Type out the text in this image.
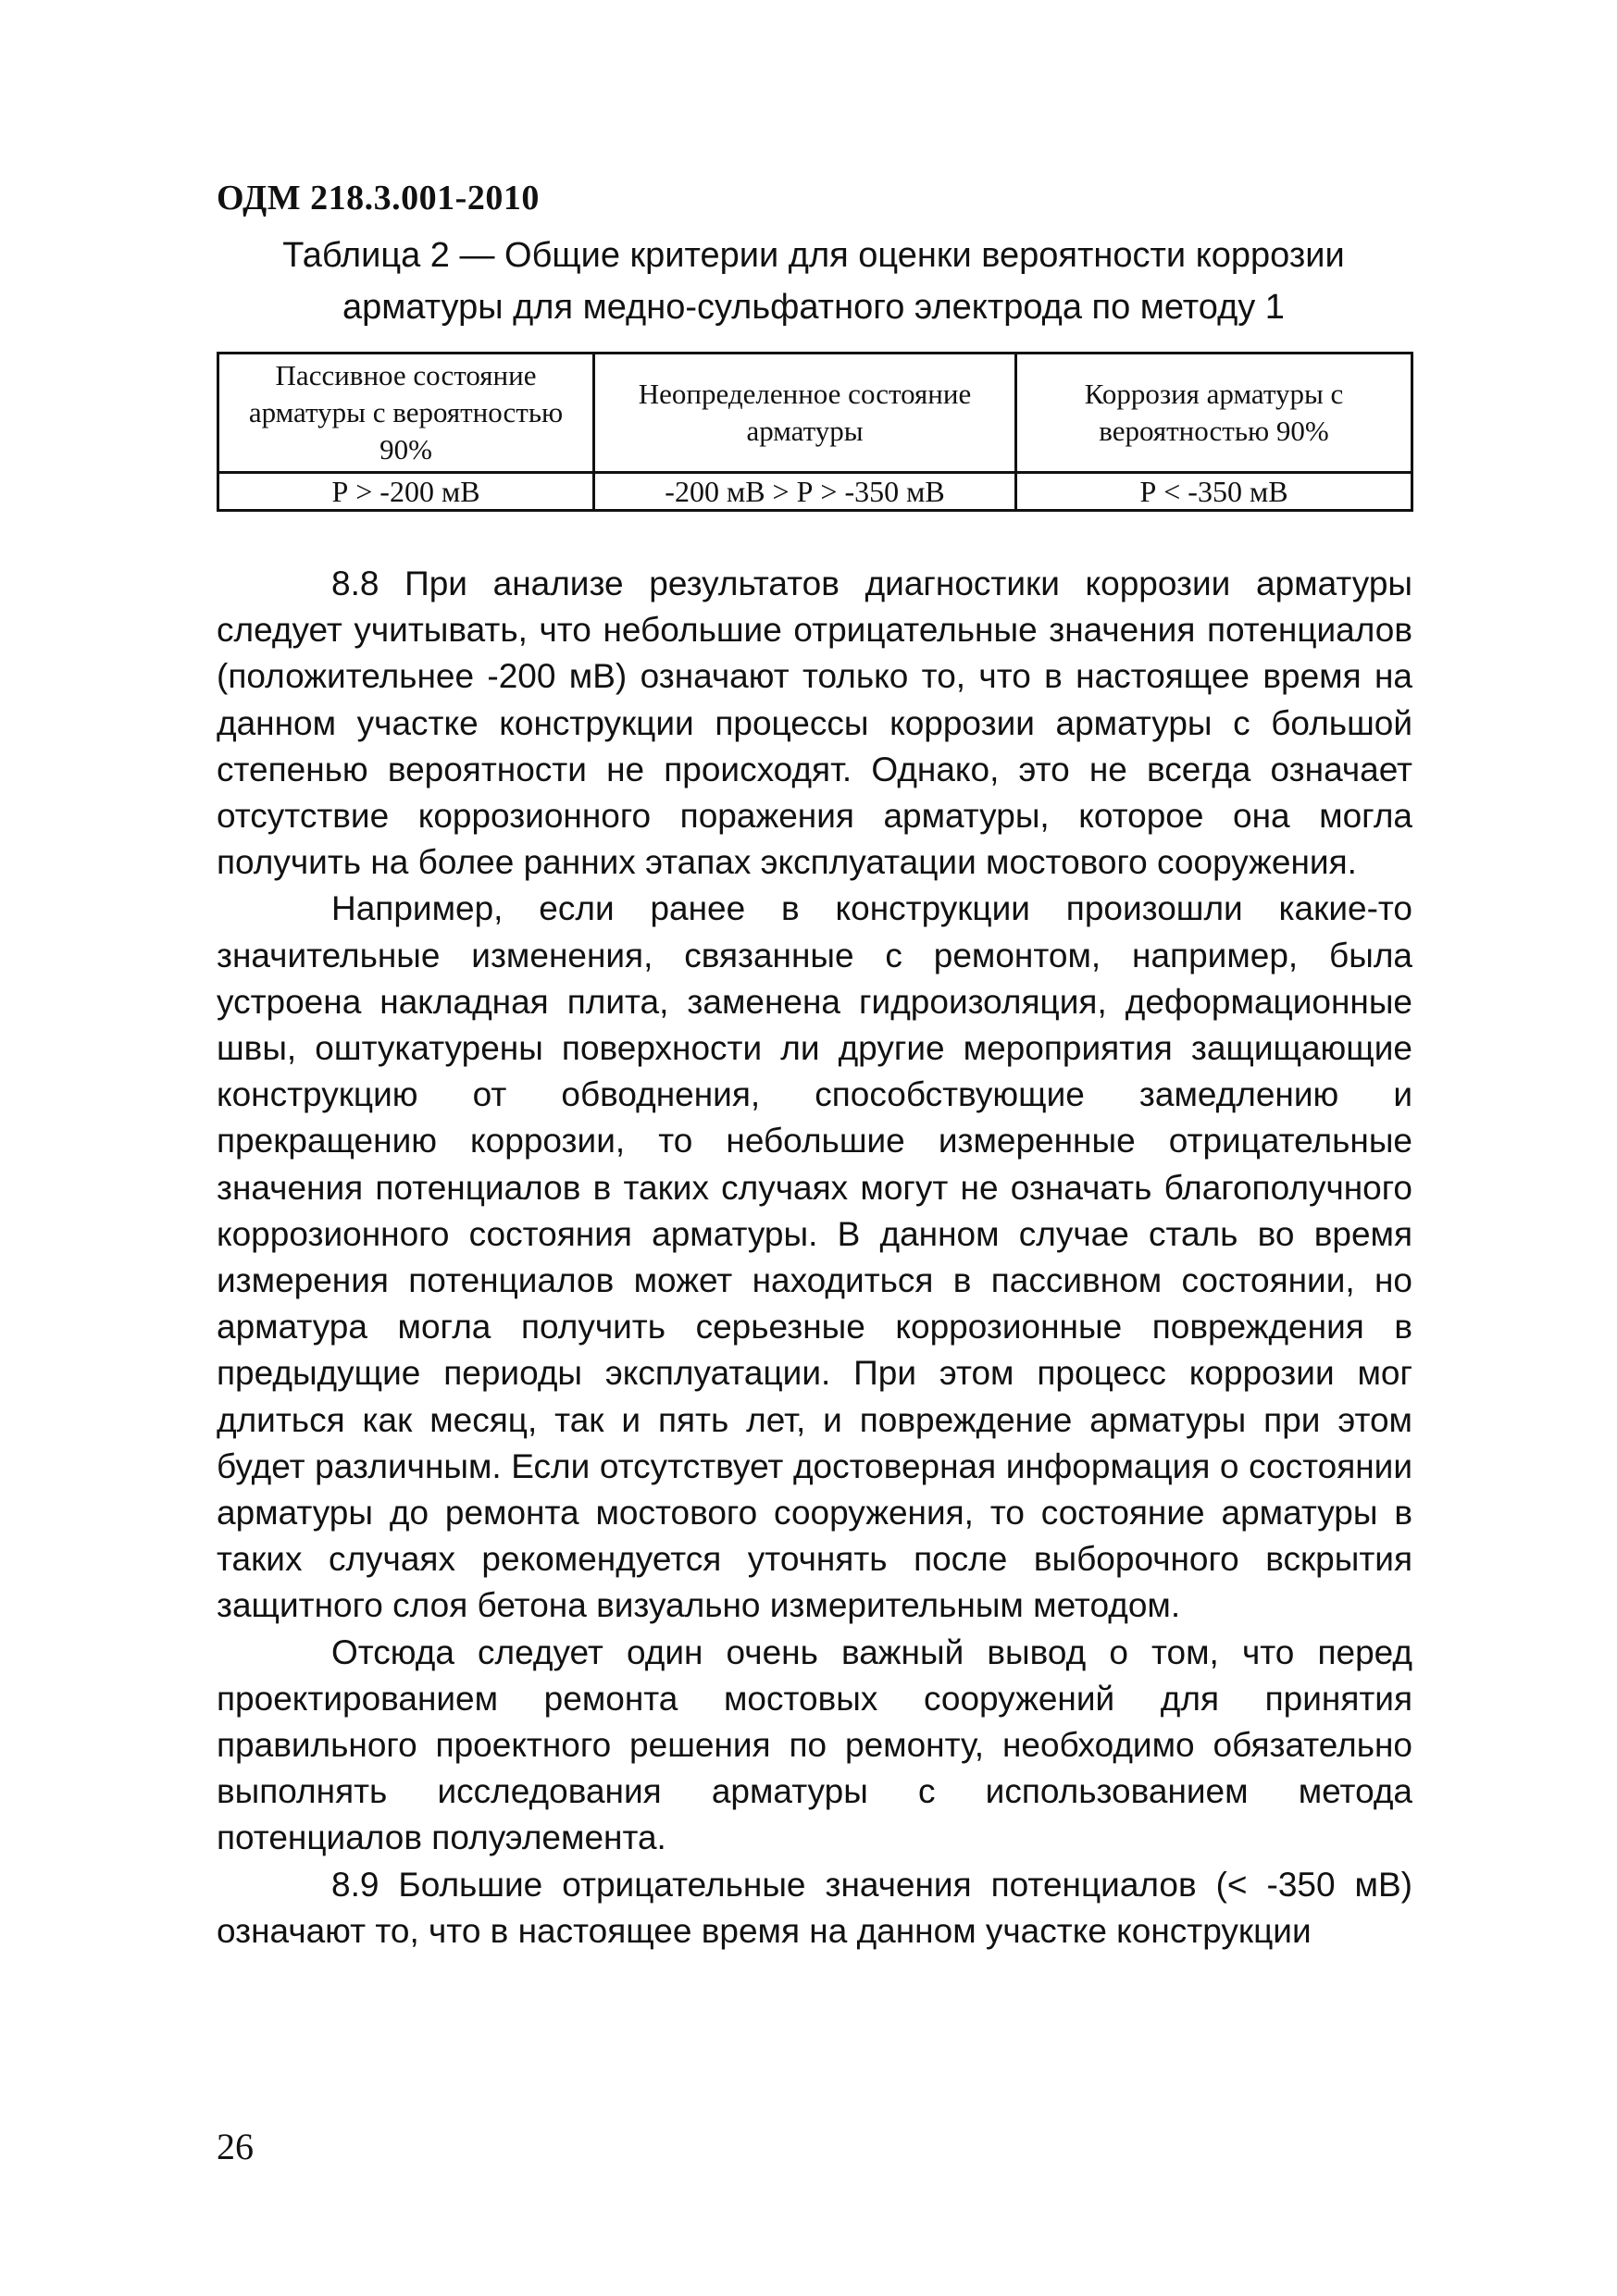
ОДМ 218.3.001-2010
Таблица 2 — Общие критерии для оценки вероятности коррозии
арматуры для медно-сульфатного электрода по методу 1
Пассивное состояние арматуры с вероятностью 90%	Неопределенное состояние арматуры	Коррозия арматуры с вероятностью 90%
Р > -200 мВ	-200 мВ > Р > -350 мВ	Р < -350 мВ

8.8 При анализе результатов диагностики коррозии арматуры следует учитывать, что небольшие отрицательные значения потенциалов (положительнее -200 мВ) означают только то, что в настоящее время на данном участке конструкции процессы коррозии арматуры с большой степенью вероятности не происходят. Однако, это не всегда означает отсутствие коррозионного поражения арматуры, которое она могла получить на более ранних этапах эксплуатации мостового сооружения.

Например, если ранее в конструкции произошли какие-то значительные изменения, связанные с ремонтом, например, была устроена накладная плита, заменена гидроизоляция, деформационные швы, оштукатурены поверхности ли другие мероприятия защищающие конструкцию от обводнения, способствующие замедлению и прекращению коррозии, то небольшие измеренные отрицательные значения потенциалов в таких случаях могут не означать благополучного коррозионного состояния арматуры. В данном случае сталь во время измерения потенциалов может находиться в пассивном состоянии, но арматура могла получить серьезные коррозионные повреждения в предыдущие периоды эксплуатации. При этом процесс коррозии мог длиться как месяц, так и пять лет, и повреждение арматуры при этом будет различным. Если отсутствует достоверная информация о состоянии арматуры до ремонта мостового сооружения, то состояние арматуры в таких случаях рекомендуется уточнять после выборочного вскрытия защитного слоя бетона визуально измерительным методом.

Отсюда следует один очень важный вывод о том, что перед проектированием ремонта мостовых сооружений для принятия правильного проектного решения по ремонту, необходимо обязательно выполнять исследования арматуры с использованием метода потенциалов полуэлемента.

8.9 Большие отрицательные значения потенциалов (< -350 мВ) означают то, что в настоящее время на данном участке конструкции

26
